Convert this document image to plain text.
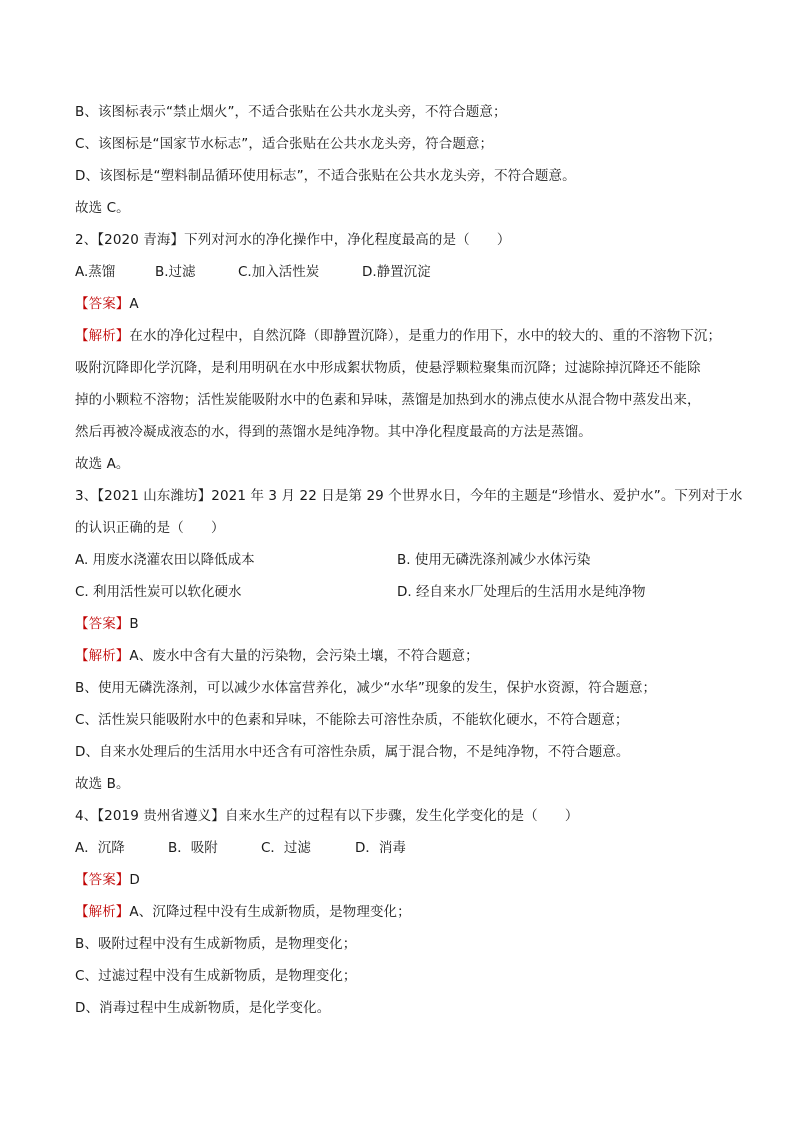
B、该图标表示“禁止烟火”，不适合张贴在公共水龙头旁，不符合题意；
C、该图标是“国家节水标志”，适合张贴在公共水龙头旁，符合题意；
D、该图标是“塑料制品循环使用标志”，不适合张贴在公共水龙头旁，不符合题意。
故选 C。
2、【2020 青海】下列对河水的净化操作中，净化程度最高的是（　　）
A.蒸馏	B.过滤	C.加入活性炭	D.静置沉淀
【答案】A
【解析】在水的净化过程中，自然沉降（即静置沉降），是重力的作用下，水中的较大的、重的不溶物下沉；
吸附沉降即化学沉降，是利用明矾在水中形成絮状物质，使悬浮颗粒聚集而沉降；过滤除掉沉降还不能除
掉的小颗粒不溶物；活性炭能吸附水中的色素和异味，蒸馏是加热到水的沸点使水从混合物中蒸发出来，
然后再被冷凝成液态的水，得到的蒸馏水是纯净物。其中净化程度最高的方法是蒸馏。
故选 A。
3、【2021 山东潍坊】2021 年 3 月 22 日是第 29 个世界水日，今年的主题是“珍惜水、爱护水”。下列对于水
的认识正确的是（　　）
A. 用废水浇灌农田以降低成本	B. 使用无磷洗涤剂减少水体污染
C. 利用活性炭可以软化硬水	D. 经自来水厂处理后的生活用水是纯净物
【答案】B
【解析】A、废水中含有大量的污染物，会污染土壤，不符合题意；
B、使用无磷洗涤剂，可以减少水体富营养化，减少“水华”现象的发生，保护水资源，符合题意；
C、活性炭只能吸附水中的色素和异味，不能除去可溶性杂质，不能软化硬水，不符合题意；
D、自来水处理后的生活用水中还含有可溶性杂质，属于混合物，不是纯净物，不符合题意。
故选 B。
4、【2019 贵州省遵义】自来水生产的过程有以下步骤，发生化学变化的是（　　）
A．沉降	B．吸附	C．过滤	D．消毒
【答案】D
【解析】A、沉降过程中没有生成新物质，是物理变化；
B、吸附过程中没有生成新物质，是物理变化；
C、过滤过程中没有生成新物质，是物理变化；
D、消毒过程中生成新物质，是化学变化。
